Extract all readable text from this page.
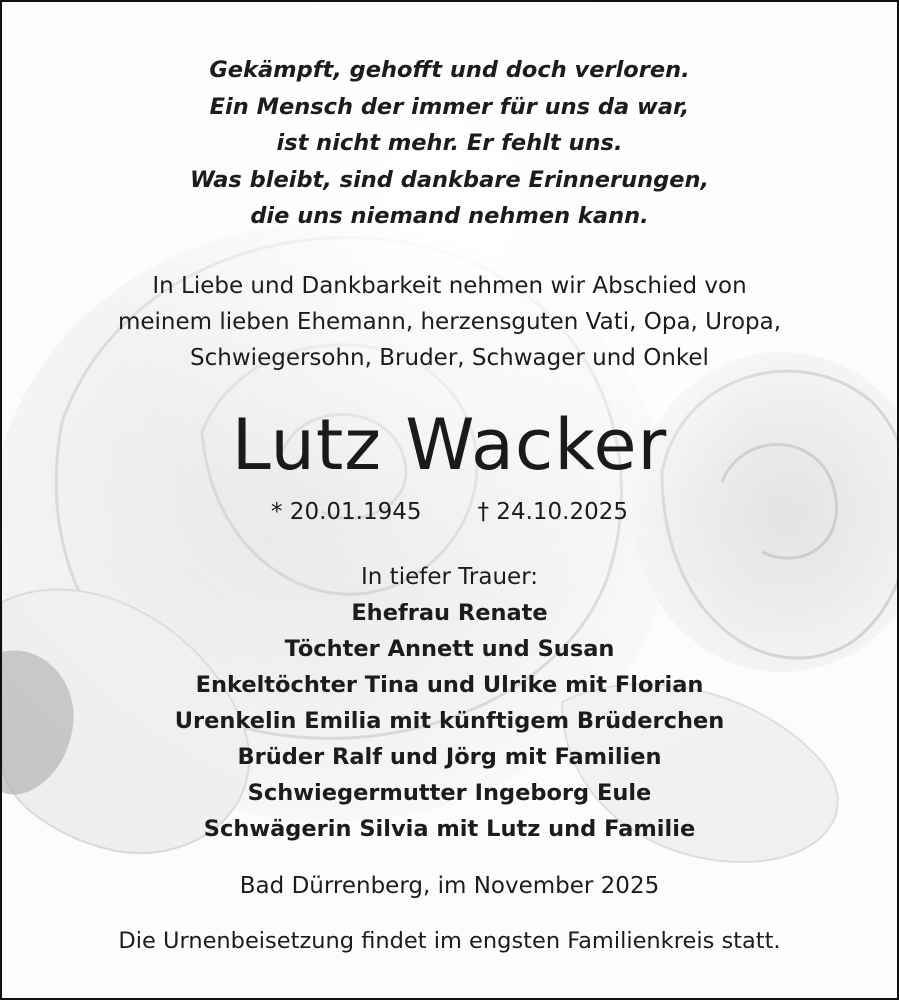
Gekämpft, gehofft und doch verloren.
Ein Mensch der immer für uns da war,
ist nicht mehr. Er fehlt uns.
Was bleibt, sind dankbare Erinnerungen,
die uns niemand nehmen kann.
In Liebe und Dankbarkeit nehmen wir Abschied von
meinem lieben Ehemann, herzensguten Vati, Opa, Uropa,
Schwiegersohn, Bruder, Schwager und Onkel
Lutz Wacker
* 20.01.1945 † 24.10.2025
In tiefer Trauer:
Ehefrau Renate
Töchter Annett und Susan
Enkeltöchter Tina und Ulrike mit Florian
Urenkelin Emilia mit künftigem Brüderchen
Brüder Ralf und Jörg mit Familien
Schwiegermutter Ingeborg Eule
Schwägerin Silvia mit Lutz und Familie
Bad Dürrenberg, im November 2025
Die Urnenbeisetzung findet im engsten Familienkreis statt.
